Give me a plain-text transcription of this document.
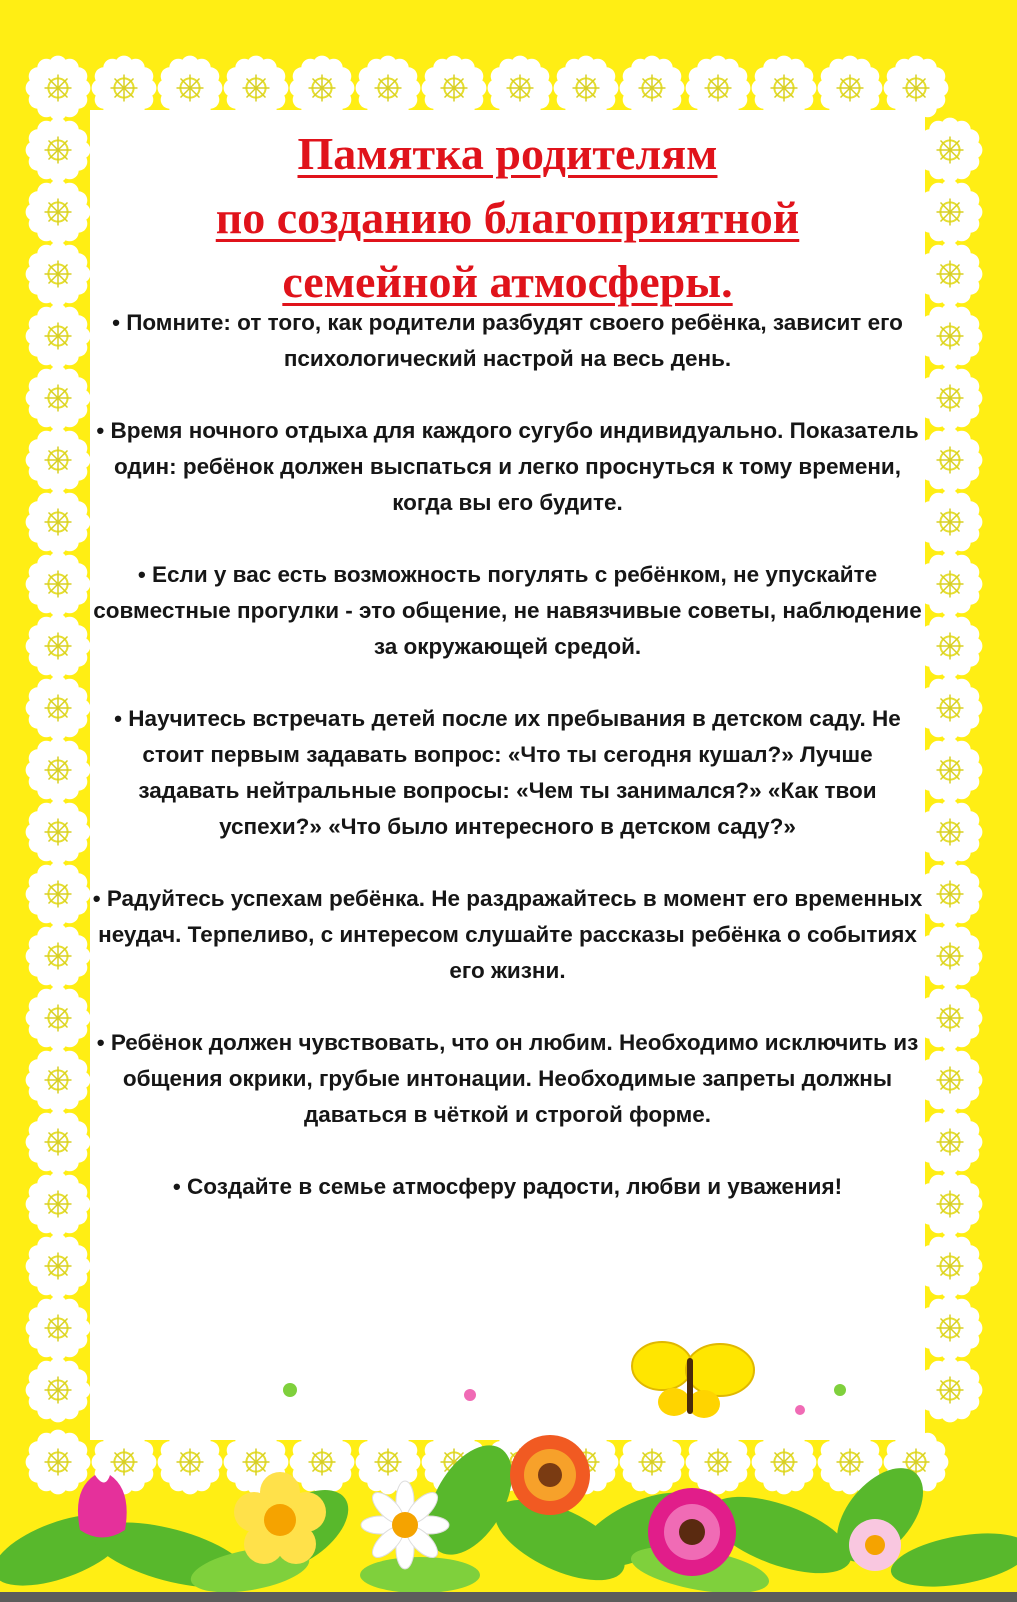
Памятка родителям
по созданию благоприятной
семейной атмосферы.
• Помните: от того, как родители разбудят своего ребёнка, зависит его психологический настрой на весь день.
• Время ночного отдыха для каждого сугубо индивидуально. Показатель один: ребёнок должен выспаться и легко проснуться к тому времени, когда вы его будите.
• Если у вас есть возможность погулять с ребёнком, не упускайте совместные прогулки - это общение, не навязчивые советы, наблюдение за окружающей средой.
• Научитесь встречать детей после их пребывания в детском саду. Не стоит первым задавать вопрос: «Что ты сегодня кушал?» Лучше задавать нейтральные вопросы: «Чем ты занимался?» «Как твои успехи?» «Что было интересного в детском саду?»
• Радуйтесь успехам ребёнка. Не раздражайтесь в момент его временных неудач. Терпеливо, с интересом слушайте рассказы ребёнка о событиях его жизни.
• Ребёнок должен чувствовать, что он любим. Необходимо исключить из общения окрики, грубые интонации. Необходимые запреты должны даваться в чёткой и строгой форме.
• Создайте в семье атмосферу радости, любви и уважения!
